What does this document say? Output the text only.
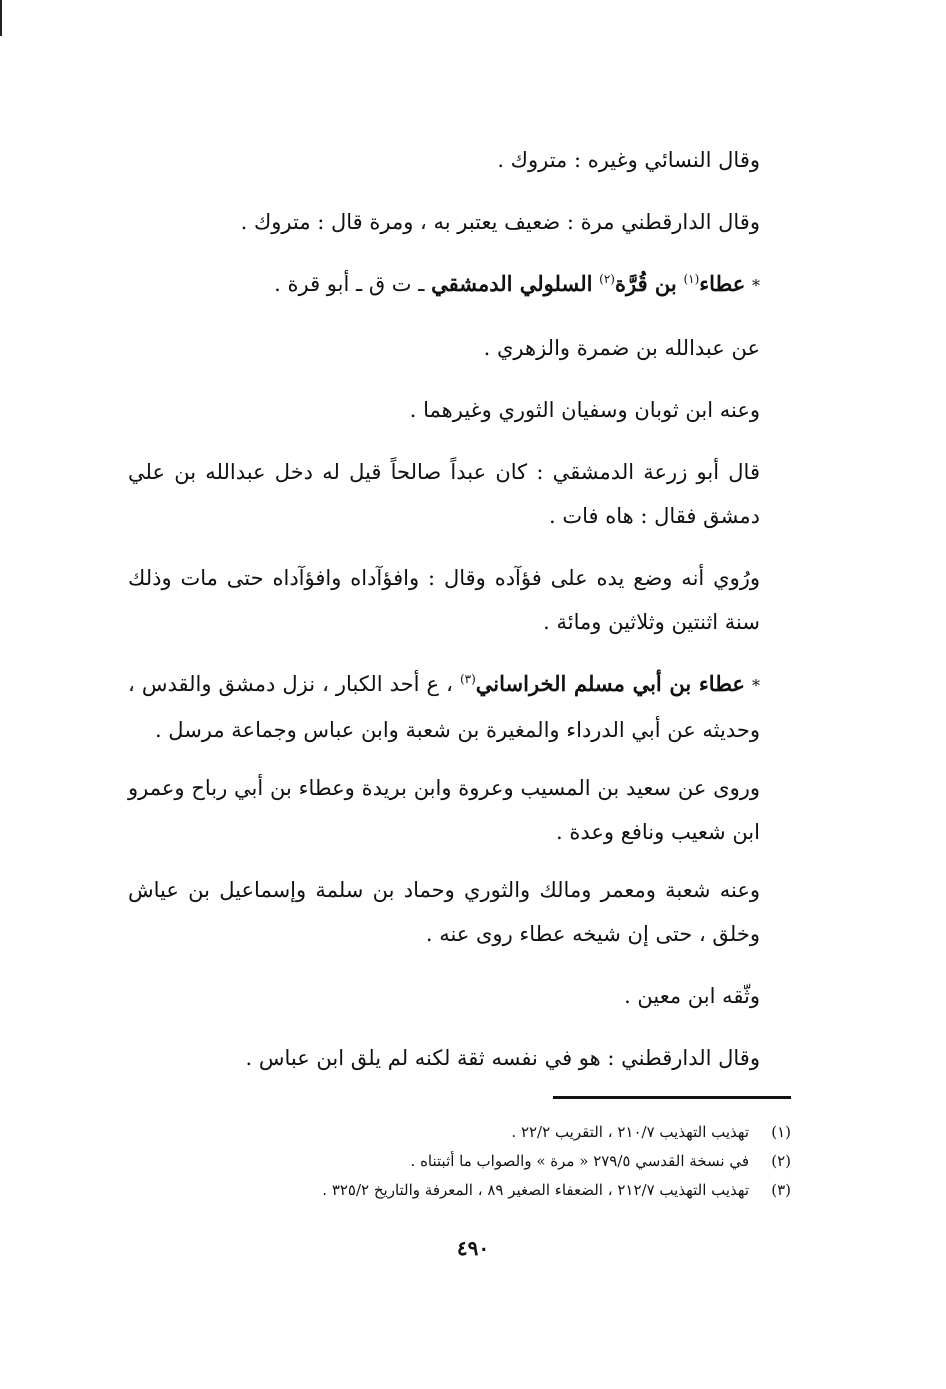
وقال النسائي وغيره : متروك .

وقال الدارقطني مرة : ضعيف يعتبر به ، ومرة قال : متروك .

* عطاء$^{(١)}$ بن قُرَّة$^{(٢)}$ السلولي الدمشقي ـ ت ق ـ أبو قرة .

عن عبدالله بن ضمرة والزهري .

وعنه ابن ثوبان وسفيان الثوري وغيرهما .

قال أبو زرعة الدمشقي : كان عبداً صالحاً قيل له دخل عبدالله بن علي دمشق فقال : هاه فات .

ورُوي أنه وضع يده على فؤآده وقال : وافؤآداه وافؤآداه حتى مات وذلك سنة اثنتين وثلاثين ومائة .

* عطاء بن أبي مسلم الخراساني$^{(٣)}$ ، ع أحد الكبار ، نزل دمشق والقدس ، وحديثه عن أبي الدرداء والمغيرة بن شعبة وابن عباس وجماعة مرسل .

وروى عن سعيد بن المسيب وعروة وابن بريدة وعطاء بن أبي رباح وعمرو ابن شعيب ونافع وعدة .

وعنه شعبة ومعمر ومالك والثوري وحماد بن سلمة وإسماعيل بن عياش وخلق ، حتى إن شيخه عطاء روى عنه .

وثّقه ابن معين .

وقال الدارقطني : هو في نفسه ثقة لكنه لم يلق ابن عباس .

(١)تهذيب التهذيب ٢١٠/٧ ، التقريب ٢٢/٢ .

(٢)في نسخة القدسي ٢٧٩/٥ « مرة » والصواب ما أثبتناه .

(٣)تهذيب التهذيب ٢١٢/٧ ، الضعفاء الصغير ٨٩ ، المعرفة والتاريخ ٣٢٥/٢ .

٤٩٠
